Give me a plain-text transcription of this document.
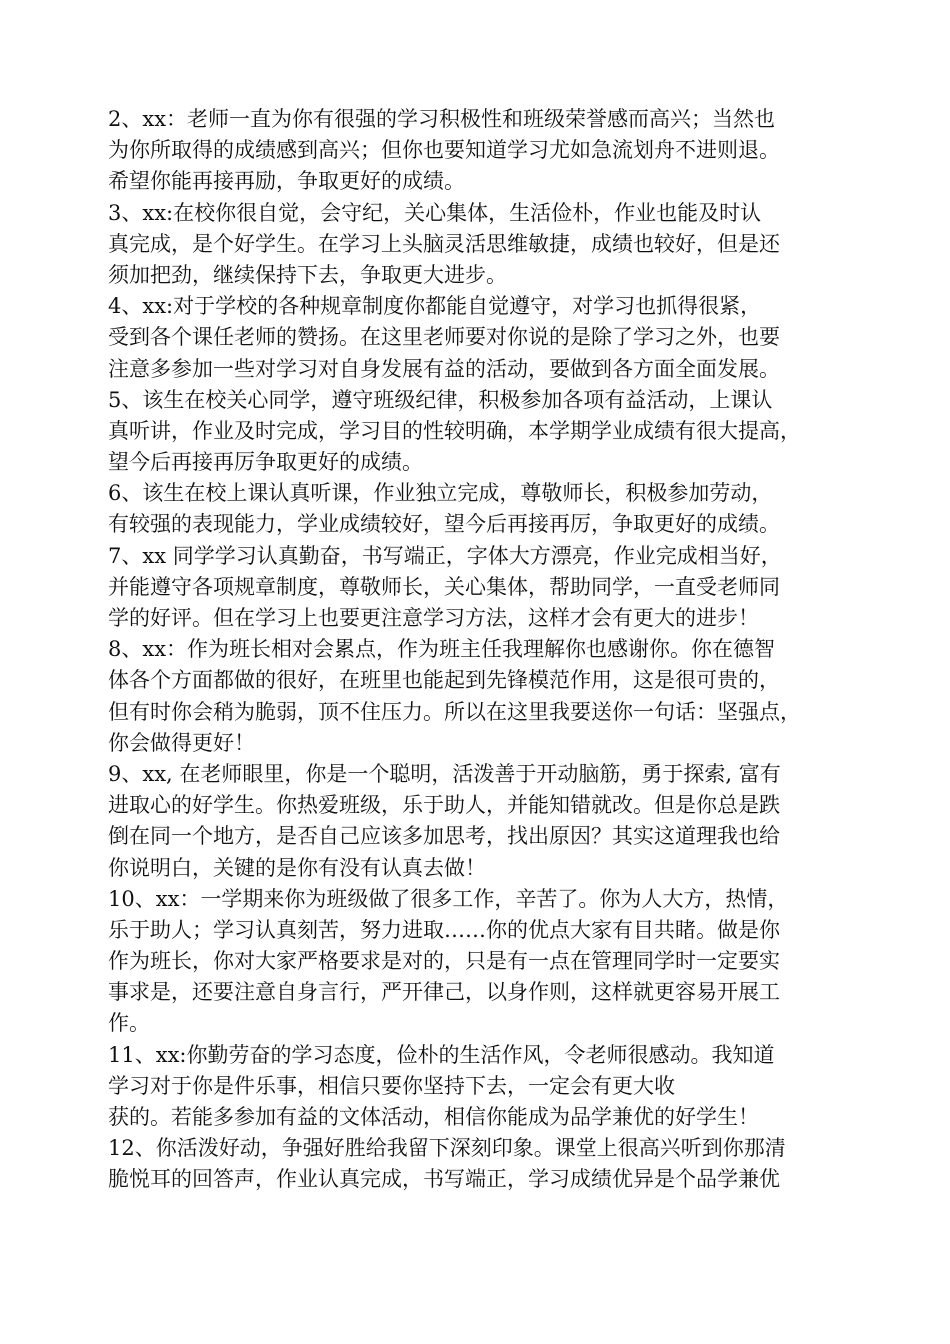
2、xx：老师一直为你有很强的学习积极性和班级荣誉感而高兴；当然也
为你所取得的成绩感到高兴；但你也要知道学习尤如急流划舟不进则退。
希望你能再接再励，争取更好的成绩。
3、xx:在校你很自觉，会守纪，关心集体，生活俭朴，作业也能及时认
真完成，是个好学生。在学习上头脑灵活思维敏捷，成绩也较好，但是还
须加把劲，继续保持下去，争取更大进步。
4、xx:对于学校的各种规章制度你都能自觉遵守，对学习也抓得很紧，
受到各个课任老师的赞扬。在这里老师要对你说的是除了学习之外，也要
注意多参加一些对学习对自身发展有益的活动，要做到各方面全面发展。
5、该生在校关心同学，遵守班级纪律，积极参加各项有益活动，上课认
真听讲，作业及时完成，学习目的性较明确，本学期学业成绩有很大提高，
望今后再接再厉争取更好的成绩。
6、该生在校上课认真听课，作业独立完成，尊敬师长，积极参加劳动，
有较强的表现能力，学业成绩较好，望今后再接再厉，争取更好的成绩。
7、xx 同学学习认真勤奋，书写端正，字体大方漂亮，作业完成相当好，
并能遵守各项规章制度，尊敬师长，关心集体，帮助同学，一直受老师同
学的好评。但在学习上也要更注意学习方法，这样才会有更大的进步！
8、xx：作为班长相对会累点，作为班主任我理解你也感谢你。你在德智
体各个方面都做的很好，在班里也能起到先锋模范作用，这是很可贵的，
但有时你会稍为脆弱，顶不住压力。所以在这里我要送你一句话：坚强点，
你会做得更好！
9、xx, 在老师眼里，你是一个聪明，活泼善于开动脑筋，勇于探索, 富有
进取心的好学生。你热爱班级，乐于助人，并能知错就改。但是你总是跌
倒在同一个地方，是否自己应该多加思考，找出原因？其实这道理我也给
你说明白，关键的是你有没有认真去做！
10、xx：一学期来你为班级做了很多工作，辛苦了。你为人大方，热情，
乐于助人；学习认真刻苦，努力进取……你的优点大家有目共睹。做是你
作为班长，你对大家严格要求是对的，只是有一点在管理同学时一定要实
事求是，还要注意自身言行，严开律己，以身作则，这样就更容易开展工
作。
11、xx:你勤劳奋的学习态度，俭朴的生活作风，令老师很感动。我知道
学习对于你是件乐事，相信只要你坚持下去，一定会有更大收
获的。若能多参加有益的文体活动，相信你能成为品学兼优的好学生！
12、你活泼好动，争强好胜给我留下深刻印象。课堂上很高兴听到你那清
脆悦耳的回答声，作业认真完成，书写端正，学习成绩优异是个品学兼优
